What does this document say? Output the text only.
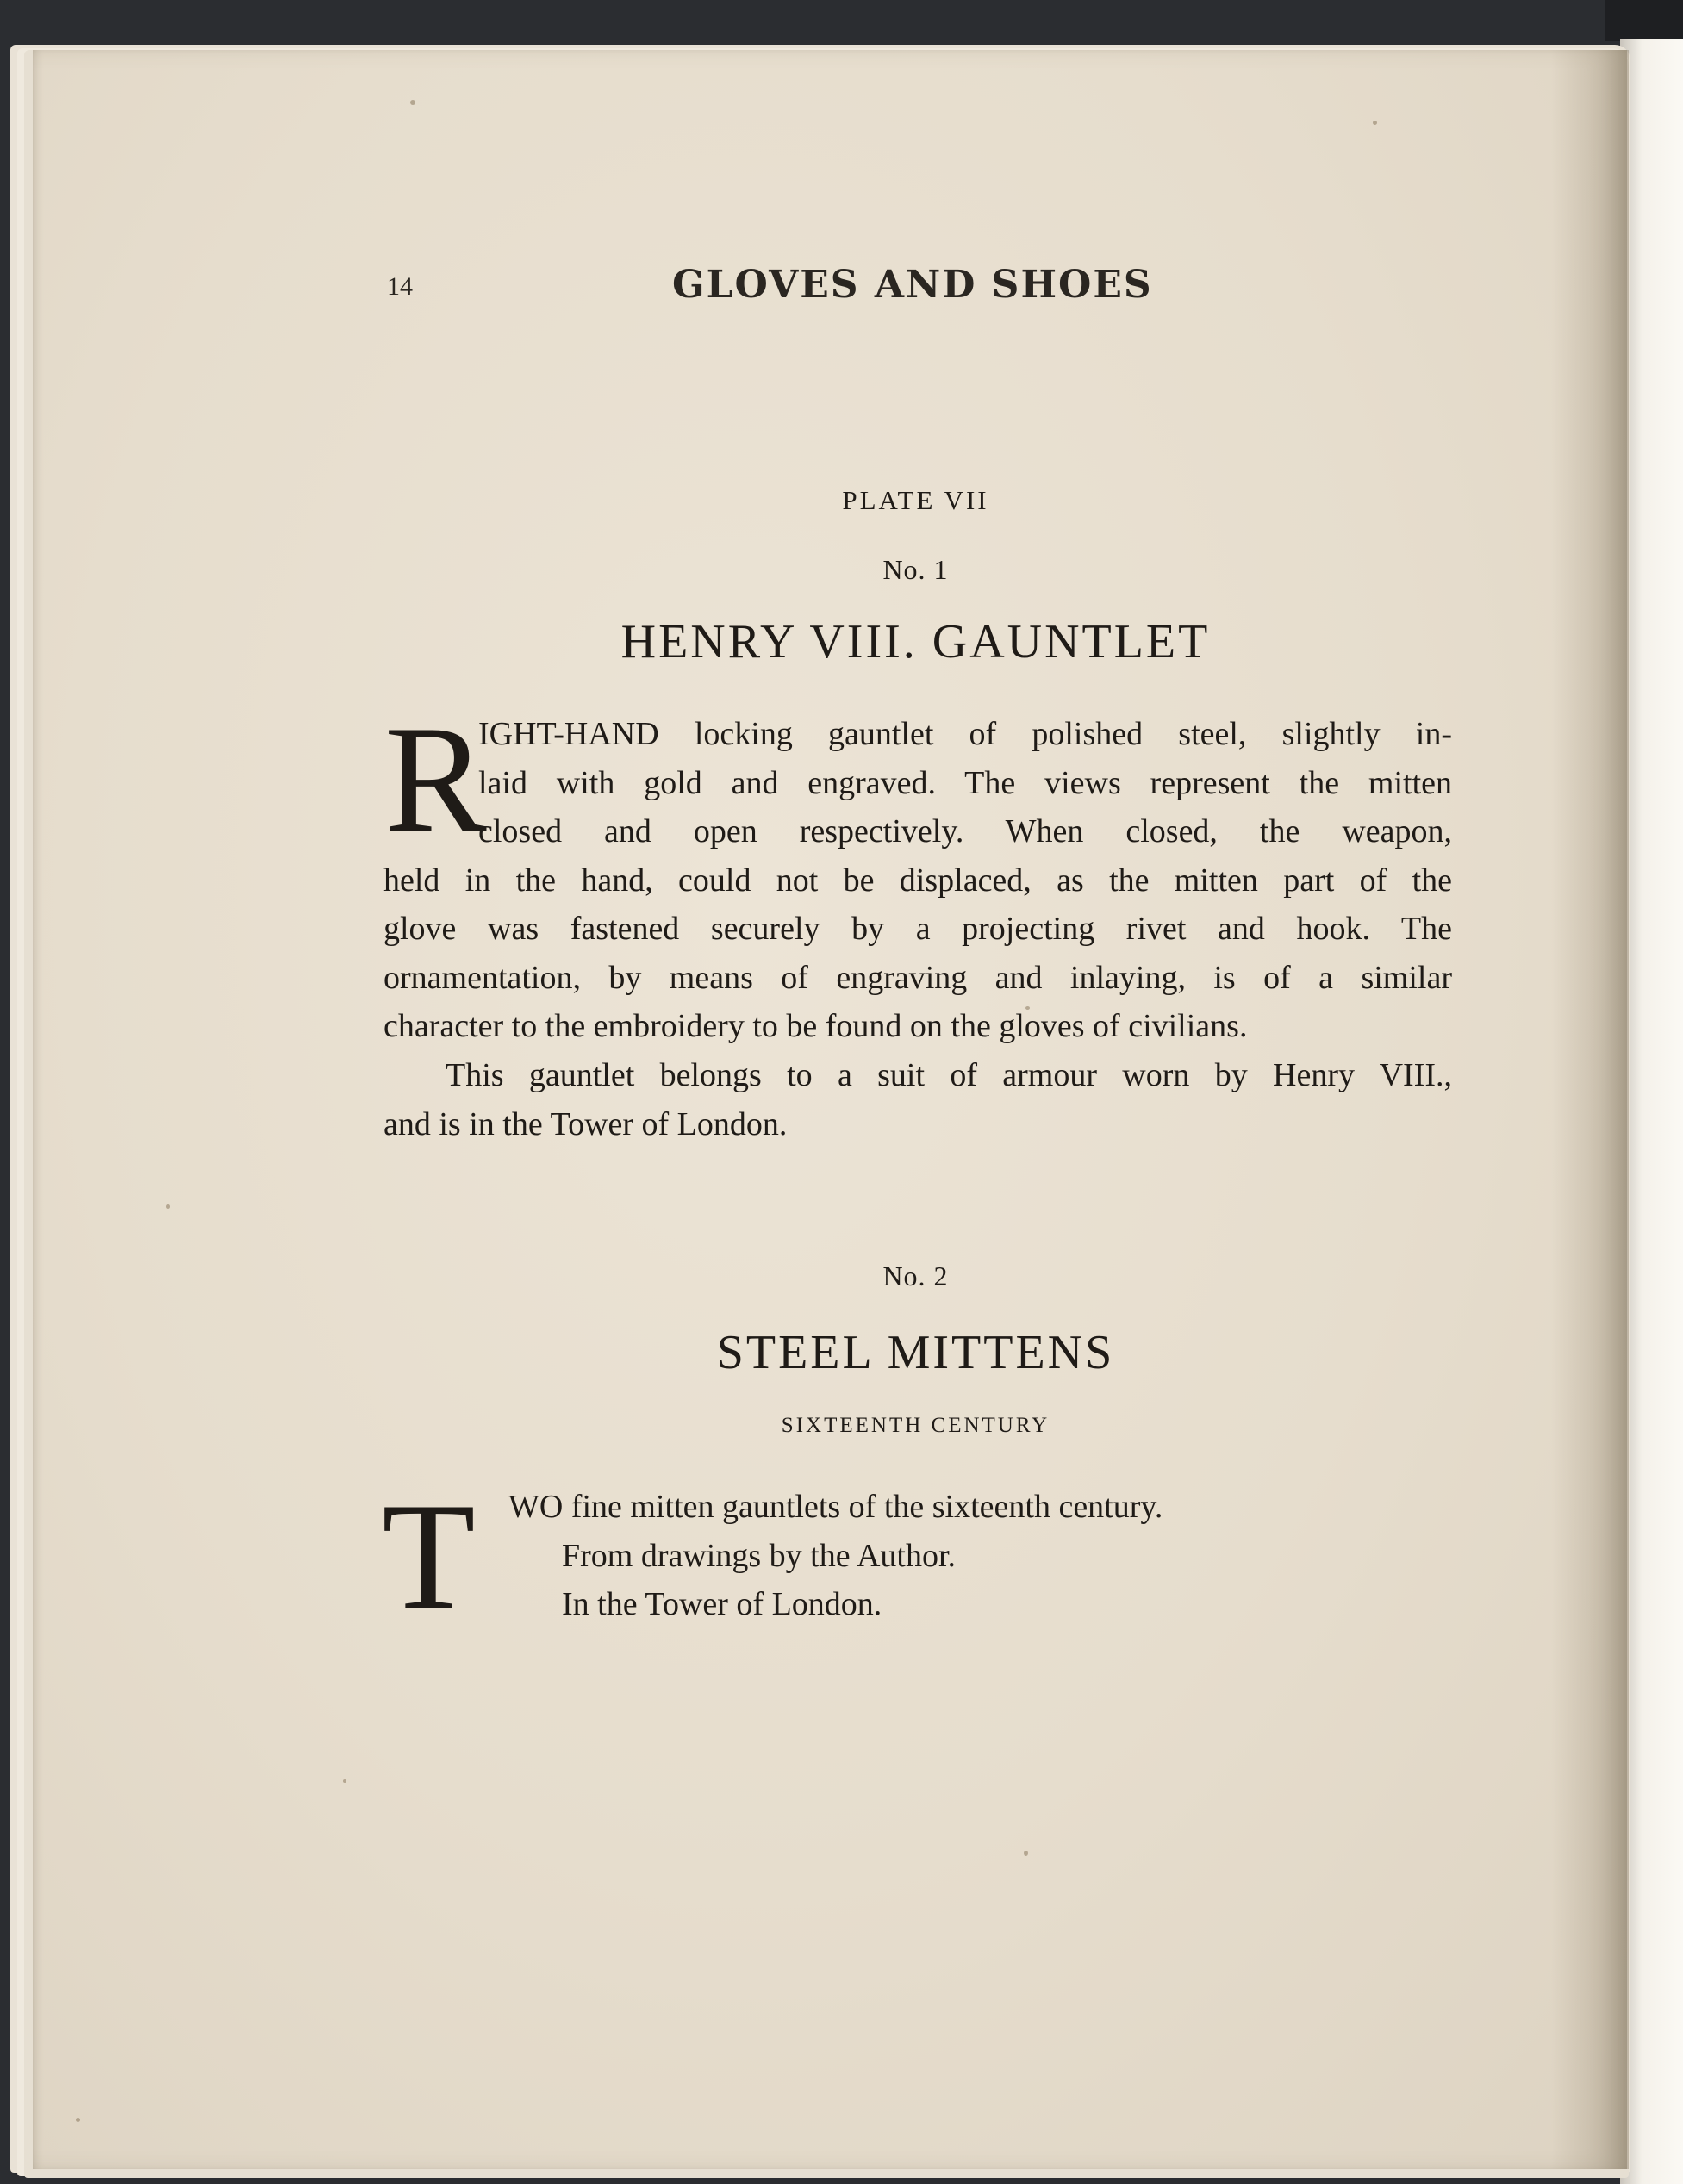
14	GLOVES AND SHOES
PLATE VII
No. 1
HENRY VIII. GAUNTLET
R
IGHT-HAND locking gauntlet of polished steel, slightly in-
laid with gold and engraved. The views represent the mitten
closed and open respectively. When closed, the weapon,
held in the hand, could not be displaced, as the mitten part of the
glove was fastened securely by a projecting rivet and hook. The
ornamentation, by means of engraving and inlaying, is of a similar
character to the embroidery to be found on the gloves of civilians.
This gauntlet belongs to a suit of armour worn by Henry VIII.,
and is in the Tower of London.
No. 2
STEEL MITTENS
SIXTEENTH CENTURY
T WO fine mitten gauntlets of the sixteenth century.
From drawings by the Author.
In the Tower of London.
